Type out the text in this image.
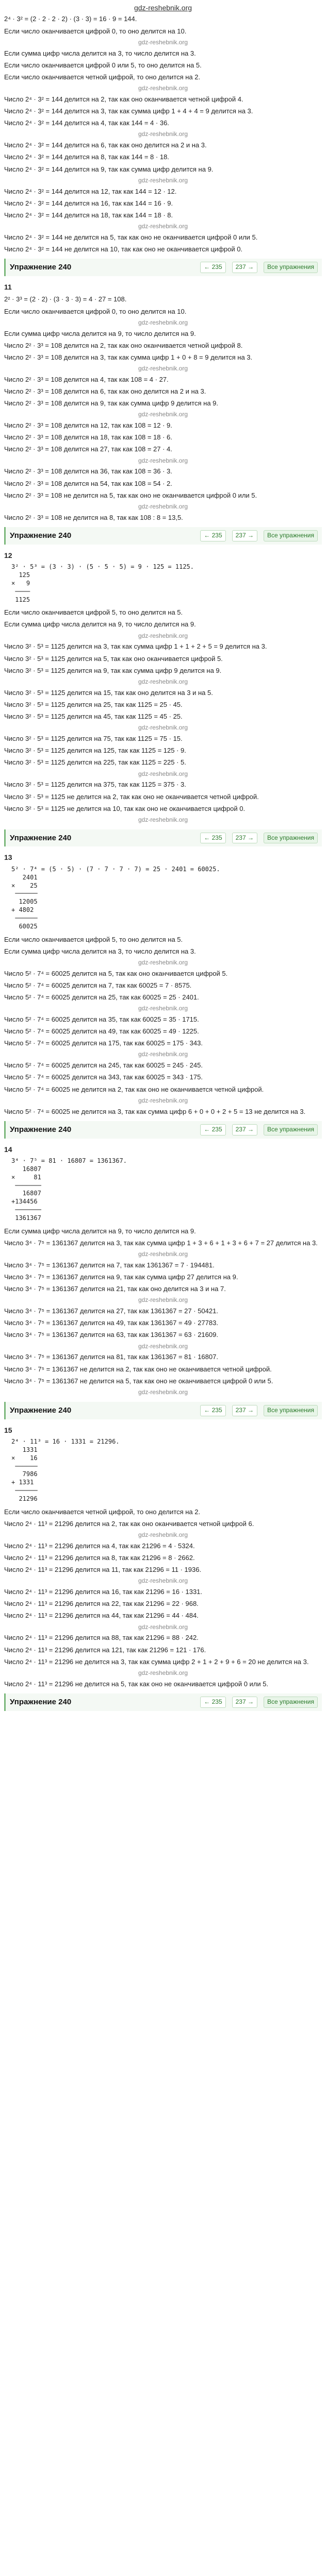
gdz-reshebnik.org
2⁴ · 3² = (2 · 2 · 2 · 2) · (3 · 3) = 16 · 9 = 144.
Если число оканчивается цифрой 0, то оно делится на 10.
gdz-reshebnik.org
Если сумма цифр числа делится на 3, то число делится на 3.
Если число оканчивается цифрой 0 или 5, то оно делится на 5.
Если число оканчивается четной цифрой, то оно делится на 2.
gdz-reshebnik.org
Число 2⁴ · 3² = 144 делится на 2, так как оно оканчивается четной цифрой 4.
Число 2⁴ · 3² = 144 делится на 3, так как сумма цифр 1 + 4 + 4 = 9 делится на 3.
Число 2⁴ · 3² = 144 делится на 4, так как 144 = 4 · 36.
gdz-reshebnik.org
Число 2⁴ · 3² = 144 делится на 6, так как оно делится на 2 и на 3.
Число 2⁴ · 3² = 144 делится на 8, так как 144 = 8 · 18.
Число 2⁴ · 3² = 144 делится на 9, так как сумма цифр делится на 9.
gdz-reshebnik.org
Число 2⁴ · 3² = 144 делится на 12, так как 144 = 12 · 12.
Число 2⁴ · 3² = 144 делится на 16, так как 144 = 16 · 9.
Число 2⁴ · 3² = 144 делится на 18, так как 144 = 18 · 8.
gdz-reshebnik.org
Число 2⁴ · 3² = 144 не делится на 5, так как оно не оканчивается цифрой 0 или 5.
Число 2⁴ · 3² = 144 не делится на 10, так как оно не оканчивается цифрой 0.
Упражнение 240	← 235	237 →	Все упражнения
11
2² · 3³ = (2 · 2) · (3 · 3 · 3) = 4 · 27 = 108.
Если число оканчивается цифрой 0, то оно делится на 10.
gdz-reshebnik.org
Если сумма цифр числа делится на 9, то число делится на 9.
Число 2² · 3³ = 108 делится на 2, так как оно оканчивается четной цифрой 8.
Число 2² · 3³ = 108 делится на 3, так как сумма цифр 1 + 0 + 8 = 9 делится на 3.
gdz-reshebnik.org
Число 2² · 3³ = 108 делится на 4, так как 108 = 4 · 27.
Число 2² · 3³ = 108 делится на 6, так как оно делится на 2 и на 3.
Число 2² · 3³ = 108 делится на 9, так как сумма цифр 9 делится на 9.
gdz-reshebnik.org
Число 2² · 3³ = 108 делится на 12, так как 108 = 12 · 9.
Число 2² · 3³ = 108 делится на 18, так как 108 = 18 · 6.
Число 2² · 3³ = 108 делится на 27, так как 108 = 27 · 4.
gdz-reshebnik.org
Число 2² · 3³ = 108 делится на 36, так как 108 = 36 · 3.
Число 2² · 3³ = 108 делится на 54, так как 108 = 54 · 2.
Число 2² · 3³ = 108 не делится на 5, так как оно не оканчивается цифрой 0 или 5.
gdz-reshebnik.org
Число 2² · 3³ = 108 не делится на 8, так как 108 : 8 = 13,5.
Упражнение 240	← 235	237 →	Все упражнения
12
3² · 5³ = (3 · 3) · (5 · 5 · 5) = 9 · 125 = 1125.
125
×   9
────
1125
Если число оканчивается цифрой 5, то оно делится на 5.
Если сумма цифр числа делится на 9, то число делится на 9.
gdz-reshebnik.org
Число 3² · 5³ = 1125 делится на 3, так как сумма цифр 1 + 1 + 2 + 5 = 9 делится на 3.
Число 3² · 5³ = 1125 делится на 5, так как оно оканчивается цифрой 5.
Число 3² · 5³ = 1125 делится на 9, так как сумма цифр 9 делится на 9.
gdz-reshebnik.org
Число 3² · 5³ = 1125 делится на 15, так как оно делится на 3 и на 5.
Число 3² · 5³ = 1125 делится на 25, так как 1125 = 25 · 45.
Число 3² · 5³ = 1125 делится на 45, так как 1125 = 45 · 25.
gdz-reshebnik.org
Число 3² · 5³ = 1125 делится на 75, так как 1125 = 75 · 15.
Число 3² · 5³ = 1125 делится на 125, так как 1125 = 125 · 9.
Число 3² · 5³ = 1125 делится на 225, так как 1125 = 225 · 5.
gdz-reshebnik.org
Число 3² · 5³ = 1125 делится на 375, так как 1125 = 375 · 3.
Число 3² · 5³ = 1125 не делится на 2, так как оно не оканчивается четной цифрой.
Число 3² · 5³ = 1125 не делится на 10, так как оно не оканчивается цифрой 0.
gdz-reshebnik.org
Упражнение 240	← 235	237 →	Все упражнения
13
5² · 7⁴ = (5 · 5) · (7 · 7 · 7 · 7) = 25 · 2401 = 60025.
2401
×    25
──────
12005
+ 4802
──────
60025
Если число оканчивается цифрой 5, то оно делится на 5.
Если сумма цифр числа делится на 3, то число делится на 3.
gdz-reshebnik.org
Число 5² · 7⁴ = 60025 делится на 5, так как оно оканчивается цифрой 5.
Число 5² · 7⁴ = 60025 делится на 7, так как 60025 = 7 · 8575.
Число 5² · 7⁴ = 60025 делится на 25, так как 60025 = 25 · 2401.
gdz-reshebnik.org
Число 5² · 7⁴ = 60025 делится на 35, так как 60025 = 35 · 1715.
Число 5² · 7⁴ = 60025 делится на 49, так как 60025 = 49 · 1225.
Число 5² · 7⁴ = 60025 делится на 175, так как 60025 = 175 · 343.
gdz-reshebnik.org
Число 5² · 7⁴ = 60025 делится на 245, так как 60025 = 245 · 245.
Число 5² · 7⁴ = 60025 делится на 343, так как 60025 = 343 · 175.
Число 5² · 7⁴ = 60025 не делится на 2, так как оно не оканчивается четной цифрой.
gdz-reshebnik.org
Число 5² · 7⁴ = 60025 не делится на 3, так как сумма цифр 6 + 0 + 0 + 2 + 5 = 13 не делится на 3.
Упражнение 240	← 235	237 →	Все упражнения
14
3⁴ · 7⁵ = 81 · 16807 = 1361367.
16807
×     81
───────
16807
+134456
───────
1361367
Если сумма цифр числа делится на 9, то число делится на 9.
Число 3⁴ · 7⁵ = 1361367 делится на 3, так как сумма цифр 1 + 3 + 6 + 1 + 3 + 6 + 7 = 27 делится на 3.
gdz-reshebnik.org
Число 3⁴ · 7⁵ = 1361367 делится на 7, так как 1361367 = 7 · 194481.
Число 3⁴ · 7⁵ = 1361367 делится на 9, так как сумма цифр 27 делится на 9.
Число 3⁴ · 7⁵ = 1361367 делится на 21, так как оно делится на 3 и на 7.
gdz-reshebnik.org
Число 3⁴ · 7⁵ = 1361367 делится на 27, так как 1361367 = 27 · 50421.
Число 3⁴ · 7⁵ = 1361367 делится на 49, так как 1361367 = 49 · 27783.
Число 3⁴ · 7⁵ = 1361367 делится на 63, так как 1361367 = 63 · 21609.
gdz-reshebnik.org
Число 3⁴ · 7⁵ = 1361367 делится на 81, так как 1361367 = 81 · 16807.
Число 3⁴ · 7⁵ = 1361367 не делится на 2, так как оно не оканчивается четной цифрой.
Число 3⁴ · 7⁵ = 1361367 не делится на 5, так как оно не оканчивается цифрой 0 или 5.
gdz-reshebnik.org
Упражнение 240	← 235	237 →	Все упражнения
15
2⁴ · 11³ = 16 · 1331 = 21296.
1331
×    16
──────
7986
+ 1331
──────
21296
Если число оканчивается четной цифрой, то оно делится на 2.
Число 2⁴ · 11³ = 21296 делится на 2, так как оно оканчивается четной цифрой 6.
gdz-reshebnik.org
Число 2⁴ · 11³ = 21296 делится на 4, так как 21296 = 4 · 5324.
Число 2⁴ · 11³ = 21296 делится на 8, так как 21296 = 8 · 2662.
Число 2⁴ · 11³ = 21296 делится на 11, так как 21296 = 11 · 1936.
gdz-reshebnik.org
Число 2⁴ · 11³ = 21296 делится на 16, так как 21296 = 16 · 1331.
Число 2⁴ · 11³ = 21296 делится на 22, так как 21296 = 22 · 968.
Число 2⁴ · 11³ = 21296 делится на 44, так как 21296 = 44 · 484.
gdz-reshebnik.org
Число 2⁴ · 11³ = 21296 делится на 88, так как 21296 = 88 · 242.
Число 2⁴ · 11³ = 21296 делится на 121, так как 21296 = 121 · 176.
Число 2⁴ · 11³ = 21296 не делится на 3, так как сумма цифр 2 + 1 + 2 + 9 + 6 = 20 не делится на 3.
gdz-reshebnik.org
Число 2⁴ · 11³ = 21296 не делится на 5, так как оно не оканчивается цифрой 0 или 5.
Упражнение 240	← 235	237 →	Все упражнения
